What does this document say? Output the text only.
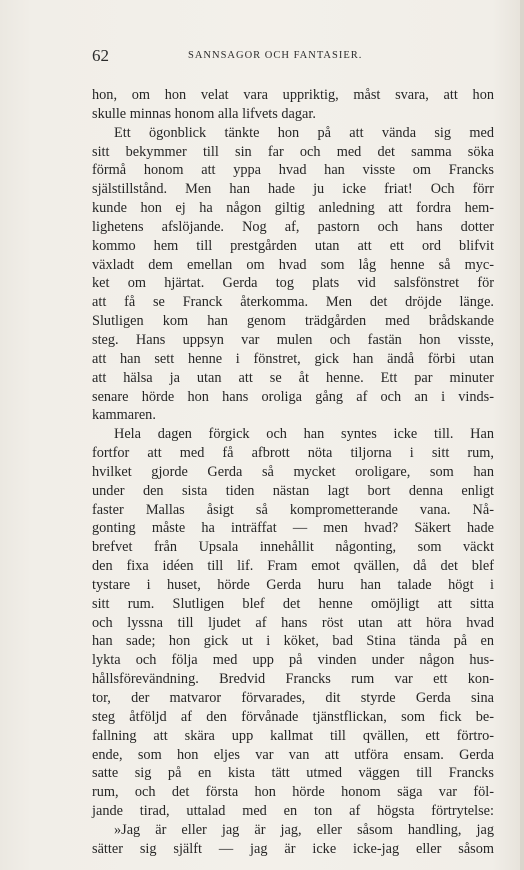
62	SANNSAGOR OCH FANTASIER.
hon, om hon velat vara uppriktig, måst svara, att hon
skulle minnas honom alla lifvets dagar.
Ett ögonblick tänkte hon på att vända sig med
sitt bekymmer till sin far och med det samma söka
förmå honom att yppa hvad han visste om Francks
själstillstånd. Men han hade ju icke friat! Och förr
kunde hon ej ha någon giltig anledning att fordra hem-
lighetens afslöjande. Nog af, pastorn och hans dotter
kommo hem till prestgården utan att ett ord blifvit
växladt dem emellan om hvad som låg henne så myc-
ket om hjärtat. Gerda tog plats vid salsfönstret för
att få se Franck återkomma. Men det dröjde länge.
Slutligen kom han genom trädgården med brådskande
steg. Hans uppsyn var mulen och fastän hon visste,
att han sett henne i fönstret, gick han ändå förbi utan
att hälsa ja utan att se åt henne. Ett par minuter
senare hörde hon hans oroliga gång af och an i vinds-
kammaren.
Hela dagen förgick och han syntes icke till. Han
fortfor att med få afbrott nöta tiljorna i sitt rum,
hvilket gjorde Gerda så mycket oroligare, som han
under den sista tiden nästan lagt bort denna enligt
faster Mallas åsigt så komprometterande vana. Nå-
gonting måste ha inträffat — men hvad? Säkert hade
brefvet från Upsala innehållit någonting, som väckt
den fixa idéen till lif. Fram emot qvällen, då det blef
tystare i huset, hörde Gerda huru han talade högt i
sitt rum. Slutligen blef det henne omöjligt att sitta
och lyssna till ljudet af hans röst utan att höra hvad
han sade; hon gick ut i köket, bad Stina tända på en
lykta och följa med upp på vinden under någon hus-
hållsförevändning. Bredvid Francks rum var ett kon-
tor, der matvaror förvarades, dit styrde Gerda sina
steg åtföljd af den förvånade tjänstflickan, som fick be-
fallning att skära upp kallmat till qvällen, ett förtro-
ende, som hon eljes var van att utföra ensam. Gerda
satte sig på en kista tätt utmed väggen till Francks
rum, och det första hon hörde honom säga var föl-
jande tirad, uttalad med en ton af högsta förtrytelse:
»Jag är eller jag är jag, eller såsom handling, jag
sätter sig själft — jag är icke icke-jag eller såsom
